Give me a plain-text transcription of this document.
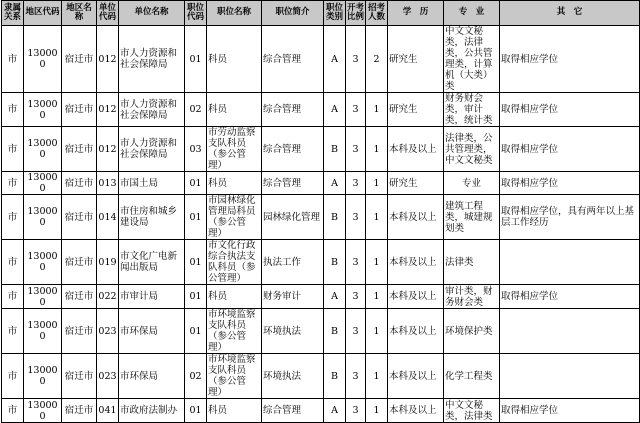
隶属关系	地区代码	地区名称	单位代码	单位名称	职位代码	职位名称	职位简介	职位类别	开考比例	招考人数	学　历	专　业	其　它
市	130000	宿迁市	012	市人力资源和社会保障局	01	科员	综合管理	A	3	2	研究生	中文文秘类，法律类，公共管理类，计算机（大类）类	取得相应学位
市	130000	宿迁市	012	市人力资源和社会保障局	02	科员	综合管理	A	3	1	研究生	财务财会类，审计类，统计类	取得相应学位
市	130000	宿迁市	012	市人力资源和社会保障局	03	市劳动监察支队科员（参公管理）	综合管理	B	3	1	本科及以上	法律类，公共管理类，中文文秘类	取得相应学位
市	130000	宿迁市	013	市国土局	01	科员	综合管理	A	3	1	研究生	专业	取得相应学位
市	130000	宿迁市	014	市住房和城乡建设局	01	市园林绿化管理局科员（参公管理）	园林绿化管理	B	3	1	本科及以上	建筑工程类，城建规划类	取得相应学位，具有两年以上基层工作经历
市	130000	宿迁市	019	市文化广电新闻出版局	01	市文化行政综合执法支队科员（参公管理）	执法工作	B	3	1	本科及以上	法律类	
市	130000	宿迁市	022	市审计局	01	科员	财务审计	A	3	1	本科及以上	审计类，财务财会类	取得相应学位
市	130000	宿迁市	023	市环保局	01	市环境监察支队科员（参公管理）	环境执法	B	3	1	本科及以上	环境保护类	
市	130000	宿迁市	023	市环保局	02	市环境监察支队科员（参公管理）	环境执法	B	3	1	本科及以上	化学工程类	
市	130000	宿迁市	041	市政府法制办	01	科员	综合管理	A	3	1	本科及以上	中文文秘类，法律类	取得相应学位
